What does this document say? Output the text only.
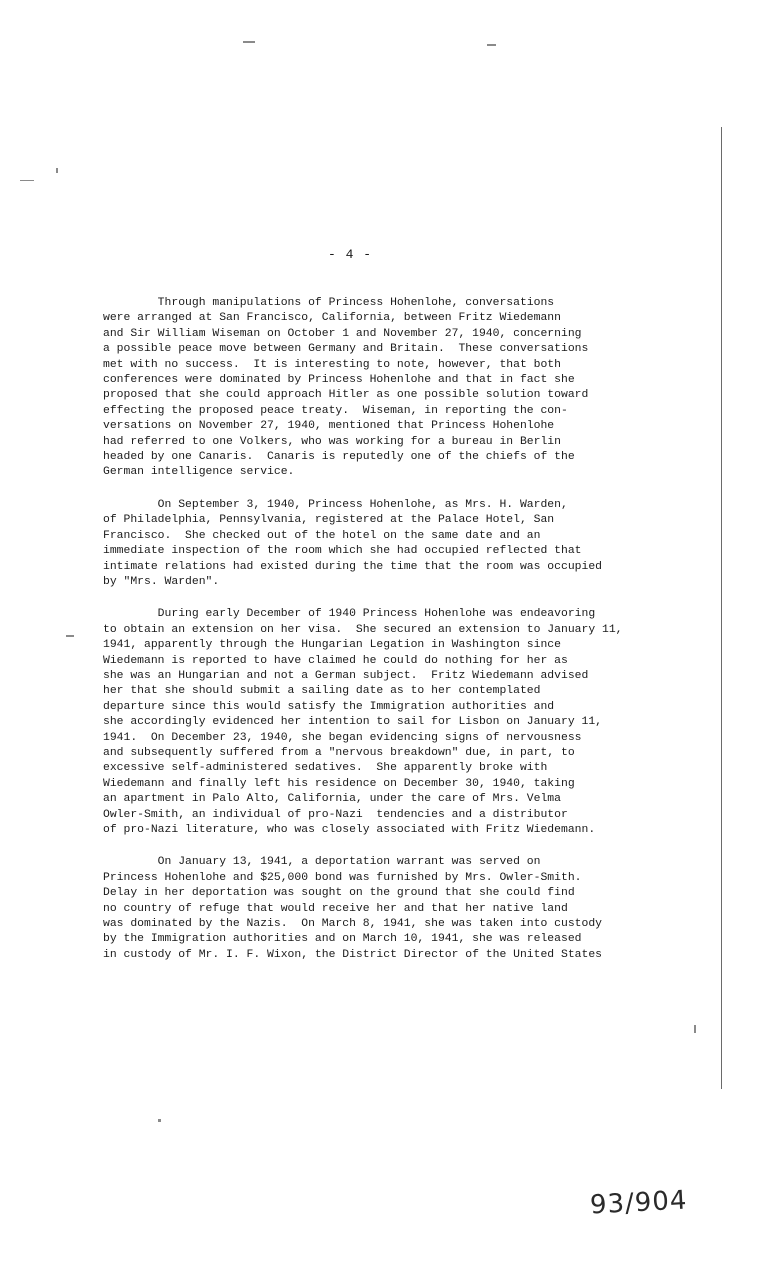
- 4 -

Through manipulations of Princess Hohenlohe, conversations
were arranged at San Francisco, California, between Fritz Wiedemann
and Sir William Wiseman on October 1 and November 27, 1940, concerning
a possible peace move between Germany and Britain.  These conversations
met with no success.  It is interesting to note, however, that both
conferences were dominated by Princess Hohenlohe and that in fact she
proposed that she could approach Hitler as one possible solution toward
effecting the proposed peace treaty.  Wiseman, in reporting the con-
versations on November 27, 1940, mentioned that Princess Hohenlohe
had referred to one Volkers, who was working for a bureau in Berlin
headed by one Canaris.  Canaris is reputedly one of the chiefs of the
German intelligence service.

On September 3, 1940, Princess Hohenlohe, as Mrs. H. Warden,
of Philadelphia, Pennsylvania, registered at the Palace Hotel, San
Francisco.  She checked out of the hotel on the same date and an
immediate inspection of the room which she had occupied reflected that
intimate relations had existed during the time that the room was occupied
by "Mrs. Warden".

During early December of 1940 Princess Hohenlohe was endeavoring
to obtain an extension on her visa.  She secured an extension to January 11,
1941, apparently through the Hungarian Legation in Washington since
Wiedemann is reported to have claimed he could do nothing for her as
she was an Hungarian and not a German subject.  Fritz Wiedemann advised
her that she should submit a sailing date as to her contemplated
departure since this would satisfy the Immigration authorities and
she accordingly evidenced her intention to sail for Lisbon on January 11,
1941.  On December 23, 1940, she began evidencing signs of nervousness
and subsequently suffered from a "nervous breakdown" due, in part, to
excessive self-administered sedatives.  She apparently broke with
Wiedemann and finally left his residence on December 30, 1940, taking
an apartment in Palo Alto, California, under the care of Mrs. Velma
Owler-Smith, an individual of pro-Nazi  tendencies and a distributor
of pro-Nazi literature, who was closely associated with Fritz Wiedemann.

On January 13, 1941, a deportation warrant was served on
Princess Hohenlohe and $25,000 bond was furnished by Mrs. Owler-Smith.
Delay in her deportation was sought on the ground that she could find
no country of refuge that would receive her and that her native land
was dominated by the Nazis.  On March 8, 1941, she was taken into custody
by the Immigration authorities and on March 10, 1941, she was released
in custody of Mr. I. F. Wixon, the District Director of the United States

93/904
